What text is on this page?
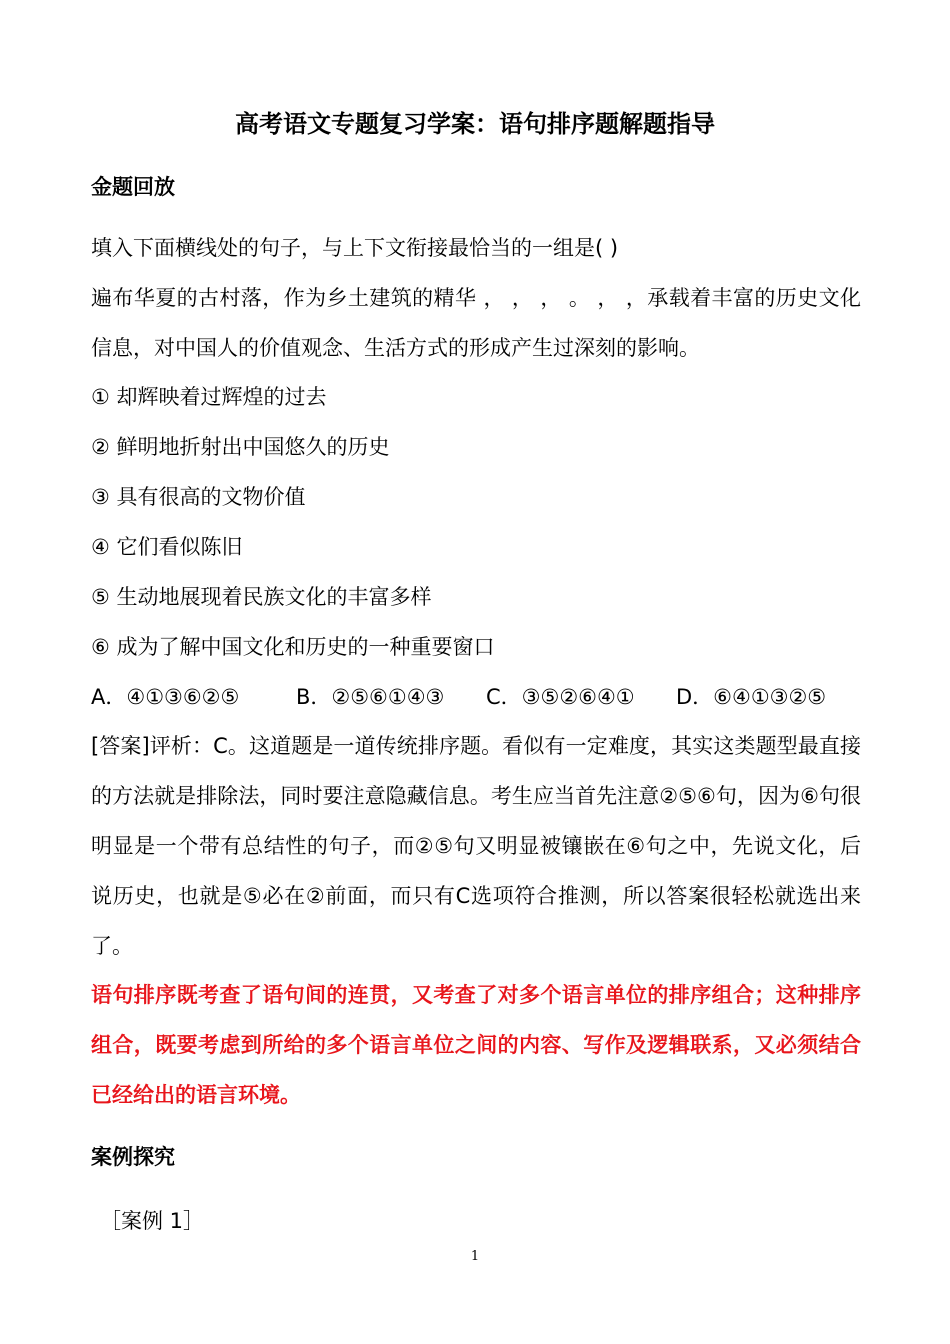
高考语文专题复习学案：语句排序题解题指导
金题回放
填入下面横线处的句子，与上下文衔接最恰当的一组是( )
遍布华夏的古村落，作为乡土建筑的精华 ， ， ， 。 ， ，承载着丰富的历史文化信息，对中国人的价值观念、生活方式的形成产生过深刻的影响。
① 却辉映着过辉煌的过去
② 鲜明地折射出中国悠久的历史
③ 具有很高的文物价值
④ 它们看似陈旧
⑤ 生动地展现着民族文化的丰富多样
⑥ 成为了解中国文化和历史的一种重要窗口
A．④①③⑥②⑤	B．②⑤⑥①④③ C．③⑤②⑥④① D．⑥④①③②⑤
[答案]评析：C。这道题是一道传统排序题。看似有一定难度，其实这类题型最直接的方法就是排除法，同时要注意隐藏信息。考生应当首先注意②⑤⑥句，因为⑥句很明显是一个带有总结性的句子，而②⑤句又明显被镶嵌在⑥句之中，先说文化，后说历史，也就是⑤必在②前面，而只有C选项符合推测，所以答案很轻松就选出来了。
语句排序既考查了语句间的连贯，又考查了对多个语言单位的排序组合；这种排序组合，既要考虑到所给的多个语言单位之间的内容、写作及逻辑联系，又必须结合已经给出的语言环境。
案例探究
［案例 1］
1
